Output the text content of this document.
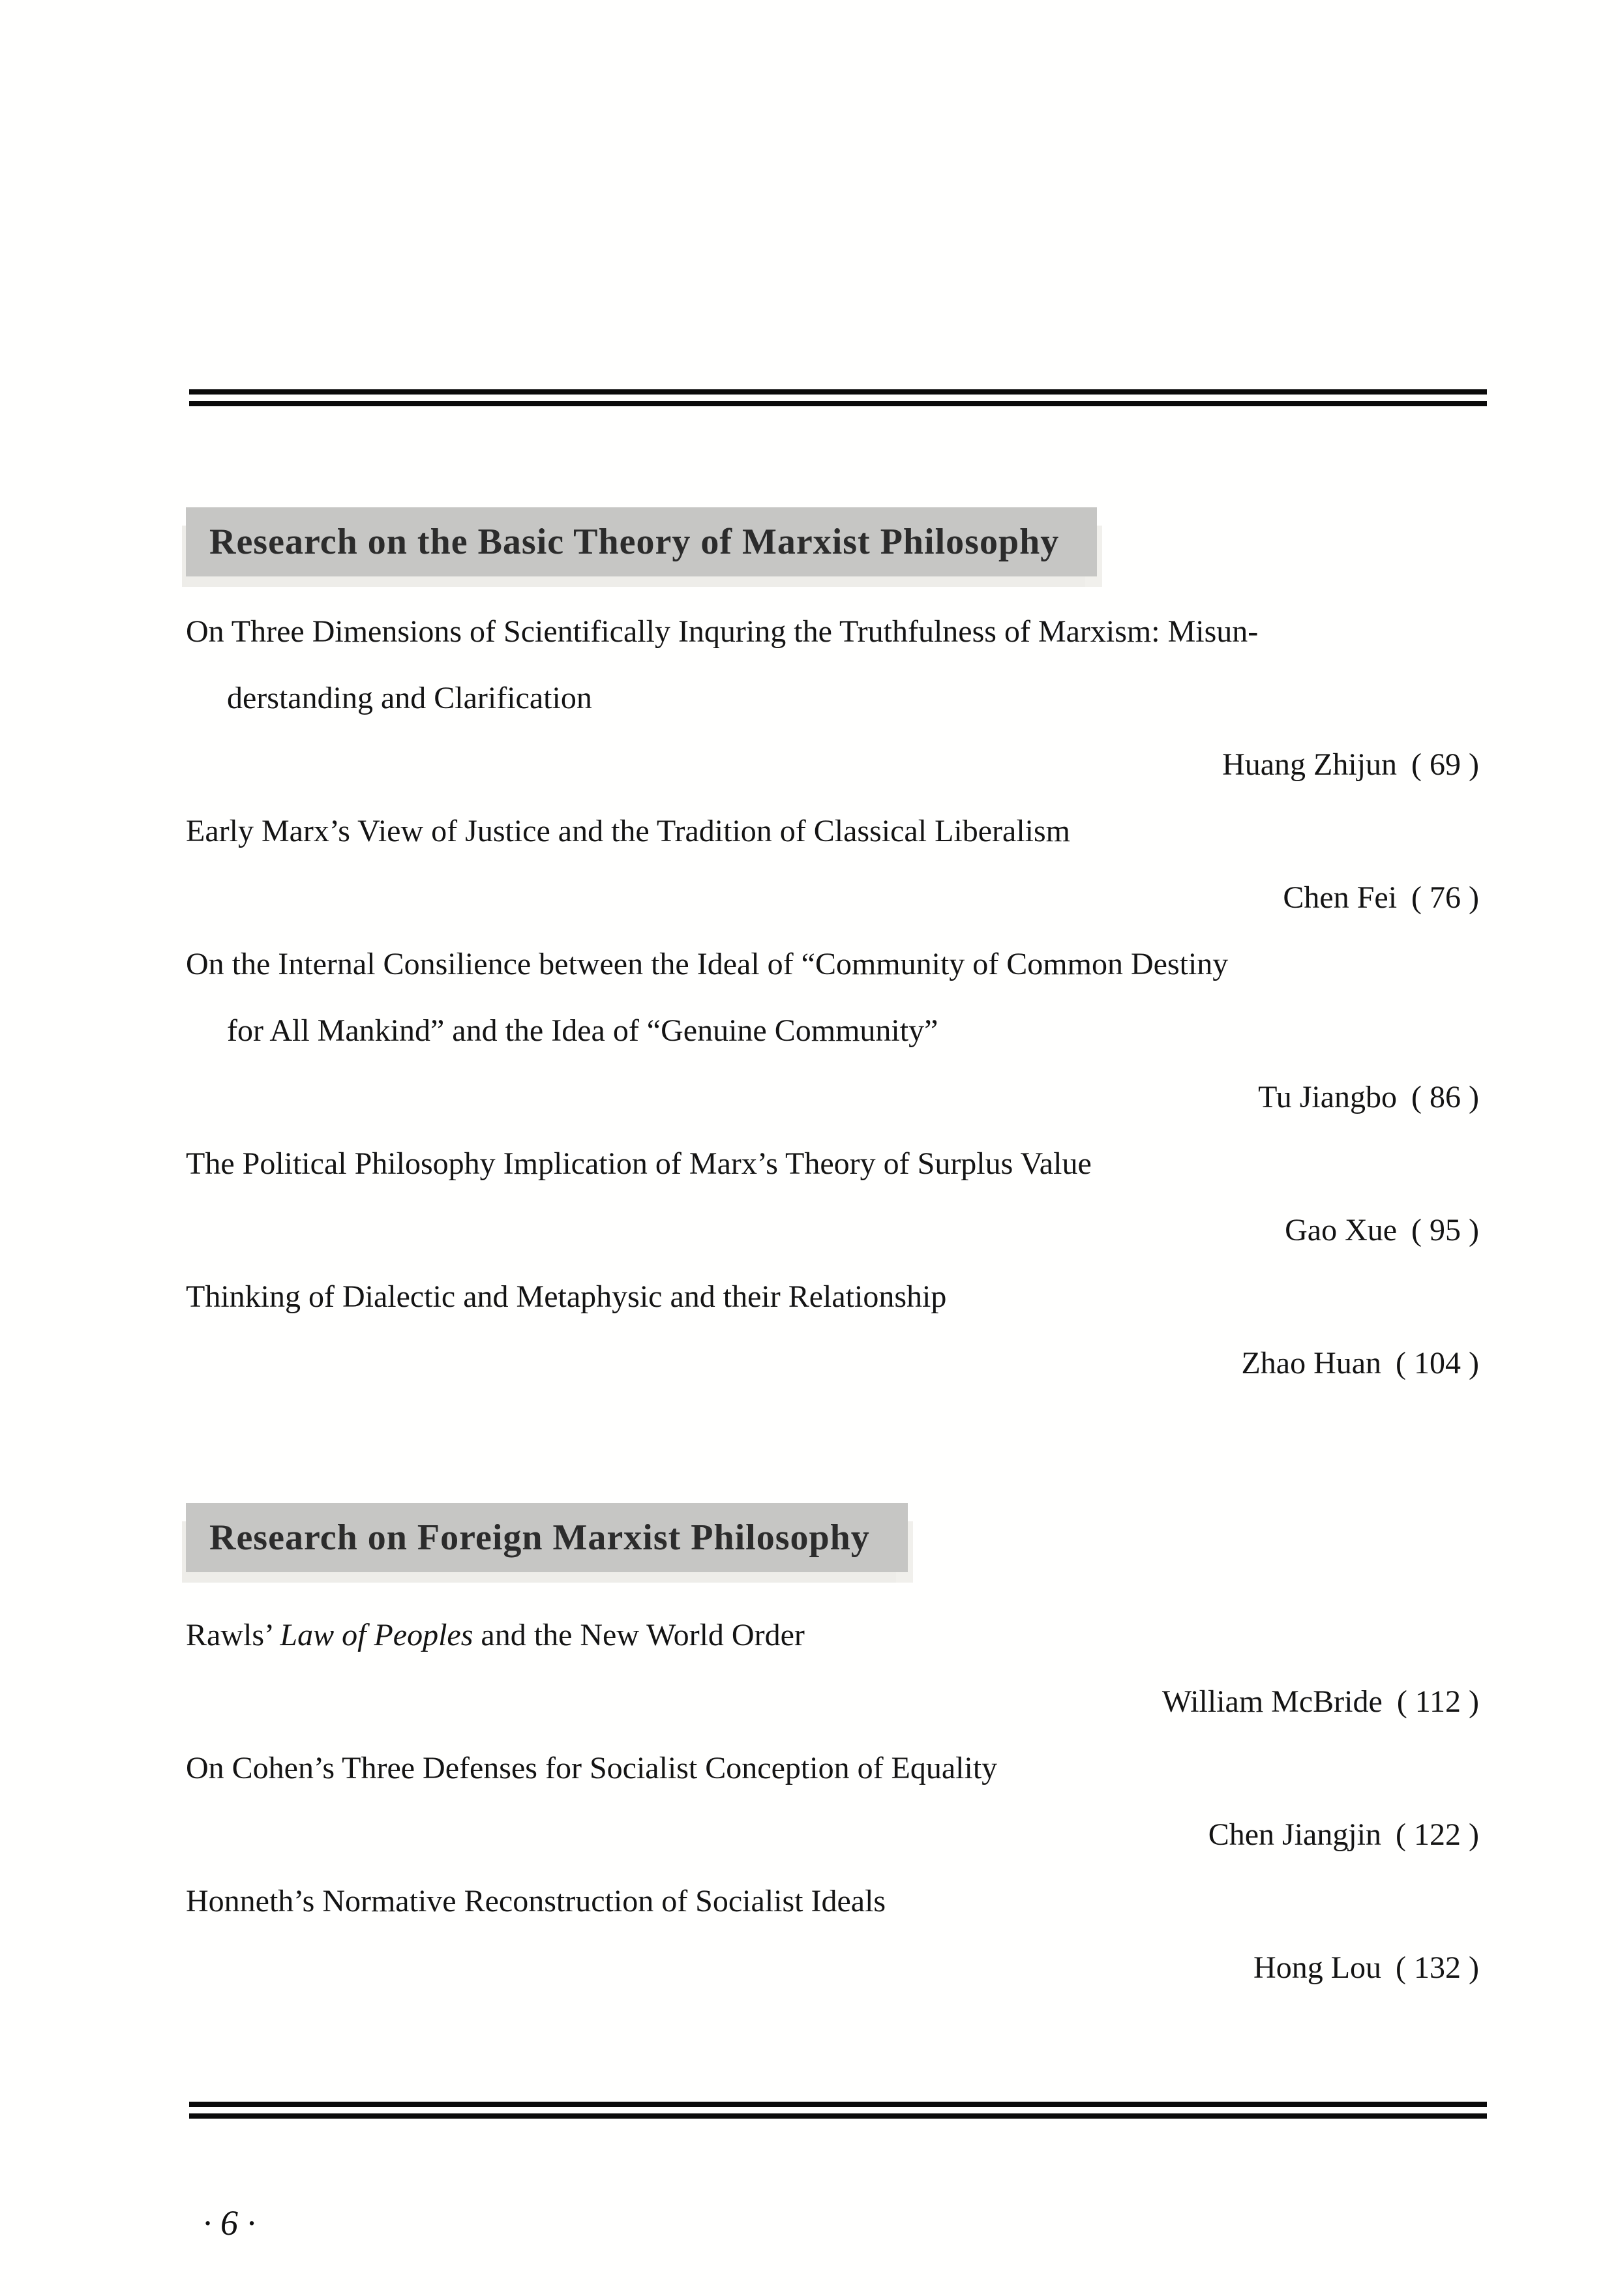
Research on the Basic Theory of Marxist Philosophy
On Three Dimensions of Scientifically Inquring the Truthfulness of Marxism: Misun-
derstanding and Clarification
Huang Zhijun ( 69 )
Early Marx’s View of Justice and the Tradition of Classical Liberalism
Chen Fei ( 76 )
On the Internal Consilience between the Ideal of “Community of Common Destiny
for All Mankind” and the Idea of “Genuine Community”
Tu Jiangbo ( 86 )
The Political Philosophy Implication of Marx’s Theory of Surplus Value
Gao Xue ( 95 )
Thinking of Dialectic and Metaphysic and their Relationship
Zhao Huan ( 104 )
Research on Foreign Marxist Philosophy
Rawls’ Law of Peoples and the New World Order
William McBride ( 112 )
On Cohen’s Three Defenses for Socialist Conception of Equality
Chen Jiangjin ( 122 )
Honneth’s Normative Reconstruction of Socialist Ideals
Hong Lou ( 132 )
· 6 ·
